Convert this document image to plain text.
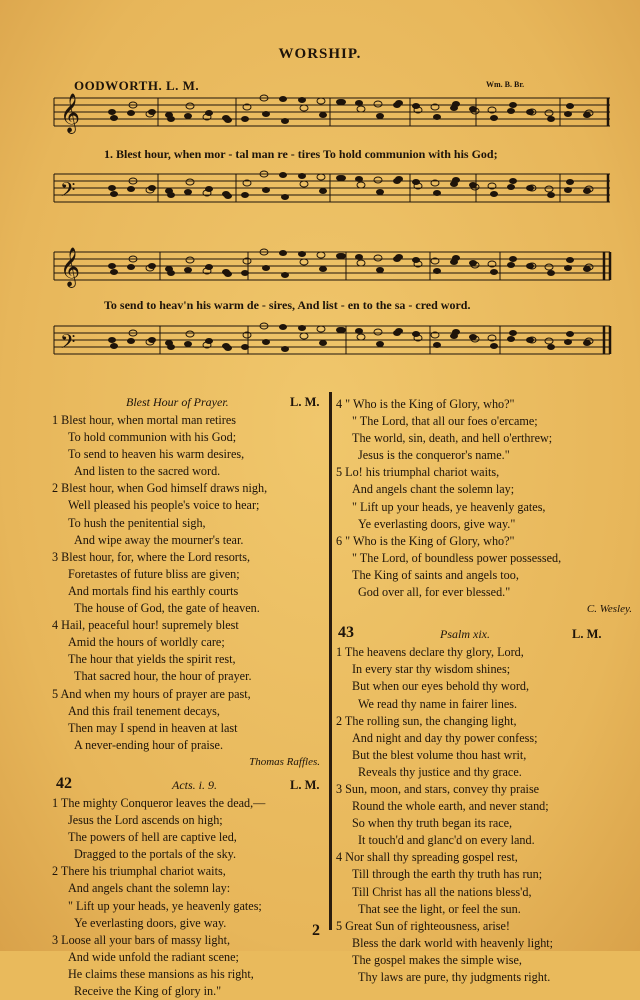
WORSHIP.
OODWORTH. L. M.	Wm. B. Br.
𝄞
𝄢
𝄞
𝄢
1. Blest hour, when mor - tal man re - tires To hold communion with his God;
To send to heav'n his warm de - sires, And list - en to the sa - cred word.
Blest Hour of Prayer.	L. M.
1 Blest hour, when mortal man retires
To hold communion with his God;
To send to heaven his warm desires,
And listen to the sacred word.
2 Blest hour, when God himself draws nigh,
Well pleased his people's voice to hear;
To hush the penitential sigh,
And wipe away the mourner's tear.
3 Blest hour, for, where the Lord resorts,
Foretastes of future bliss are given;
And mortals find his earthly courts
The house of God, the gate of heaven.
4 Hail, peaceful hour! supremely blest
Amid the hours of worldly care;
The hour that yields the spirit rest,
That sacred hour, the hour of prayer.
5 And when my hours of prayer are past,
And this frail tenement decays,
Then may I spend in heaven at last
A never-ending hour of praise.
Thomas Raffles.
42	Acts. i. 9.	L. M.
1 The mighty Conqueror leaves the dead,—
Jesus the Lord ascends on high;
The powers of hell are captive led,
Dragged to the portals of the sky.
2 There his triumphal chariot waits,
And angels chant the solemn lay:
" Lift up your heads, ye heavenly gates;
Ye everlasting doors, give way.
3 Loose all your bars of massy light,
And wide unfold the radiant scene;
He claims these mansions as his right,
Receive the King of glory in."
4 " Who is the King of Glory, who?"
" The Lord, that all our foes o'ercame;
The world, sin, death, and hell o'erthrew;
Jesus is the conqueror's name."
5 Lo! his triumphal chariot waits,
And angels chant the solemn lay;
" Lift up your heads, ye heavenly gates,
Ye everlasting doors, give way."
6 " Who is the King of Glory, who?"
" The Lord, of boundless power possessed,
The King of saints and angels too,
God over all, for ever blessed."
C. Wesley.
43	Psalm xix.	L. M.
1 The heavens declare thy glory, Lord,
In every star thy wisdom shines;
But when our eyes behold thy word,
We read thy name in fairer lines.
2 The rolling sun, the changing light,
And night and day thy power confess;
But the blest volume thou hast writ,
Reveals thy justice and thy grace.
3 Sun, moon, and stars, convey thy praise
Round the whole earth, and never stand;
So when thy truth began its race,
It touch'd and glanc'd on every land.
4 Nor shall thy spreading gospel rest,
Till through the earth thy truth has run;
Till Christ has all the nations bless'd,
That see the light, or feel the sun.
5 Great Sun of righteousness, arise!
Bless the dark world with heavenly light;
The gospel makes the simple wise,
Thy laws are pure, thy judgments right.
2
